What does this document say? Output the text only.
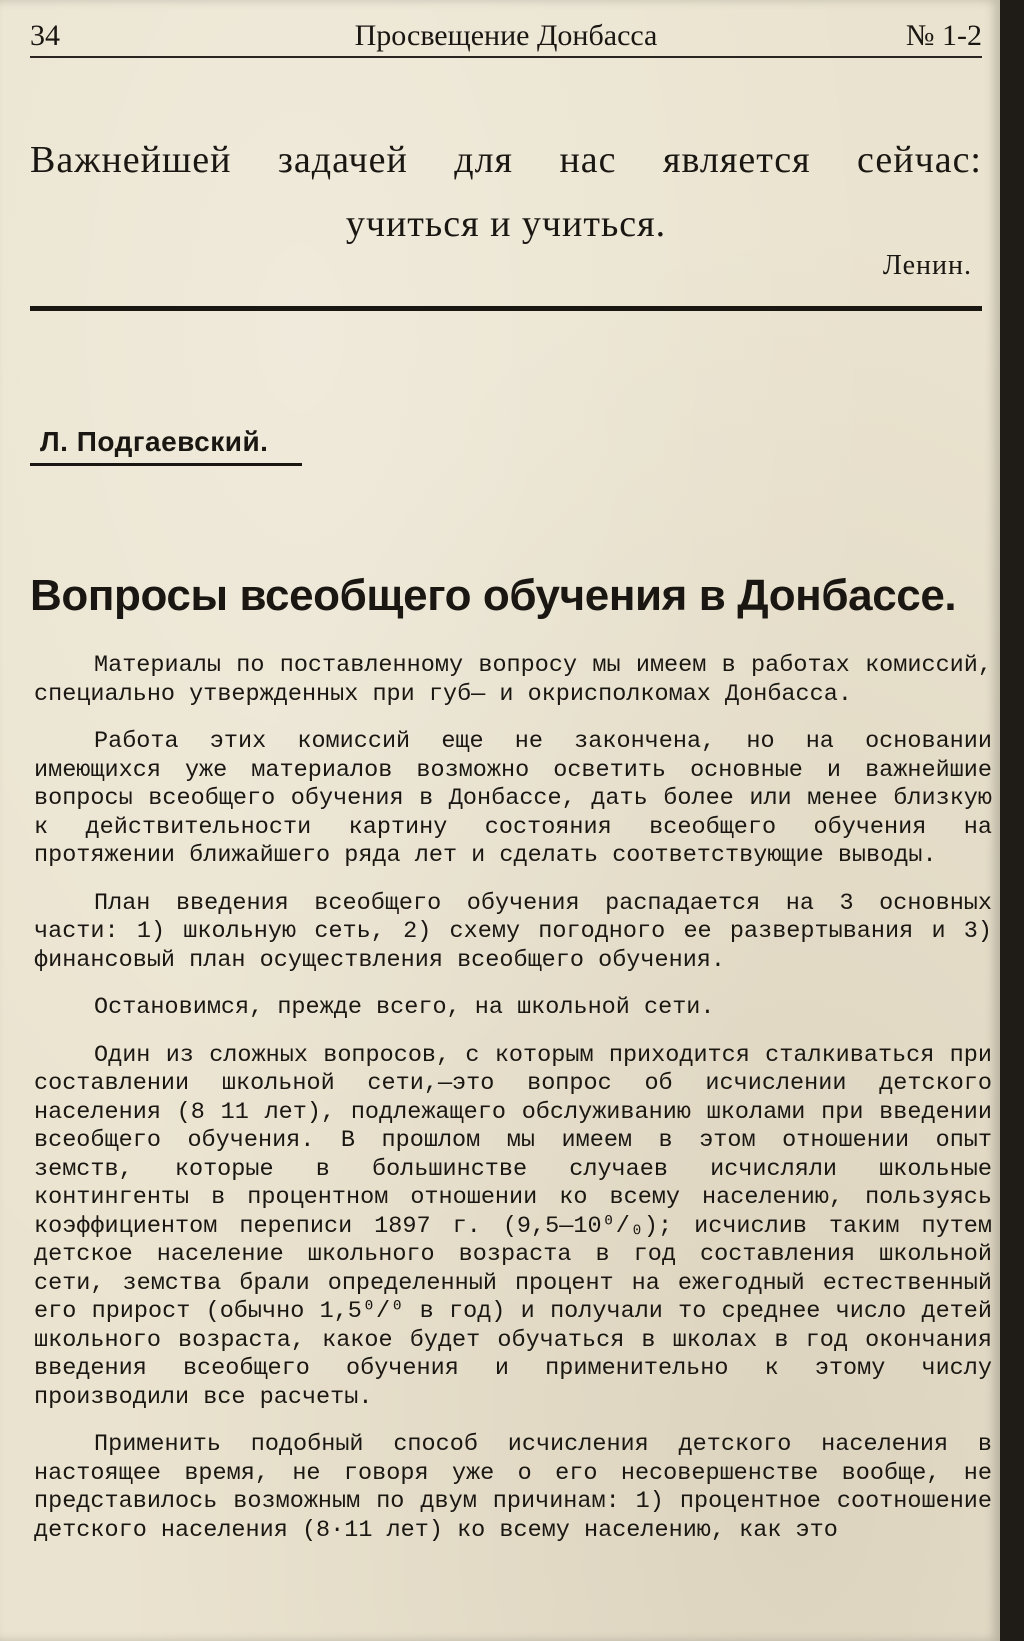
34	Просвещение Донбасса	№ 1-2
Важнейшей задачей для нас является сейчас:
учиться и учиться.
Ленин.
Л. Подгаевский.
Вопросы всеобщего обучения в Донбассе.

Материалы по поставленному вопросу мы имеем в работах комиссий, специально утвержденных при губ— и окрисполкомах Донбасса.

Работа этих комиссий еще не закончена, но на основании имеющихся уже материалов возможно осветить основные и важнейшие вопросы всеобщего обучения в Донбассе, дать более или менее близкую к действительности картину состояния всеобщего обучения на протяжении ближайшего ряда лет и сделать соответствующие выводы.

План введения всеобщего обучения распадается на 3 основных части: 1) школьную сеть, 2) схему погодного ее развертывания и 3) финансовый план осуществления всеобщего обучения.

Остановимся, прежде всего, на школьной сети.

Один из сложных вопросов, с которым приходится сталкиваться при составлении школьной сети,—это вопрос об исчислении детского населения (8 11 лет), подлежащего обслуживанию школами при введении всеобщего обучения. В прошлом мы имеем в этом отношении опыт земств, которые в большинстве случаев исчисляли школьные контингенты в процентном отношении ко всему населению, пользуясь коэффициентом переписи 1897 г. (9,5—10⁰/₀); исчислив таким путем детское население школьного возраста в год составления школьной сети, земства брали определенный процент на ежегодный естественный его прирост (обычно 1,5⁰/⁰ в год) и получали то среднее число детей школьного возраста, какое будет обучаться в школах в год окончания введения всеобщего обучения и применительно к этому числу производили все расчеты.

Применить подобный способ исчисления детского населения в настоящее время, не говоря уже о его несовершенстве вообще, не представилось возможным по двум причинам: 1) процентное соотношение детского населения (8·11 лет) ко всему населению, как это
